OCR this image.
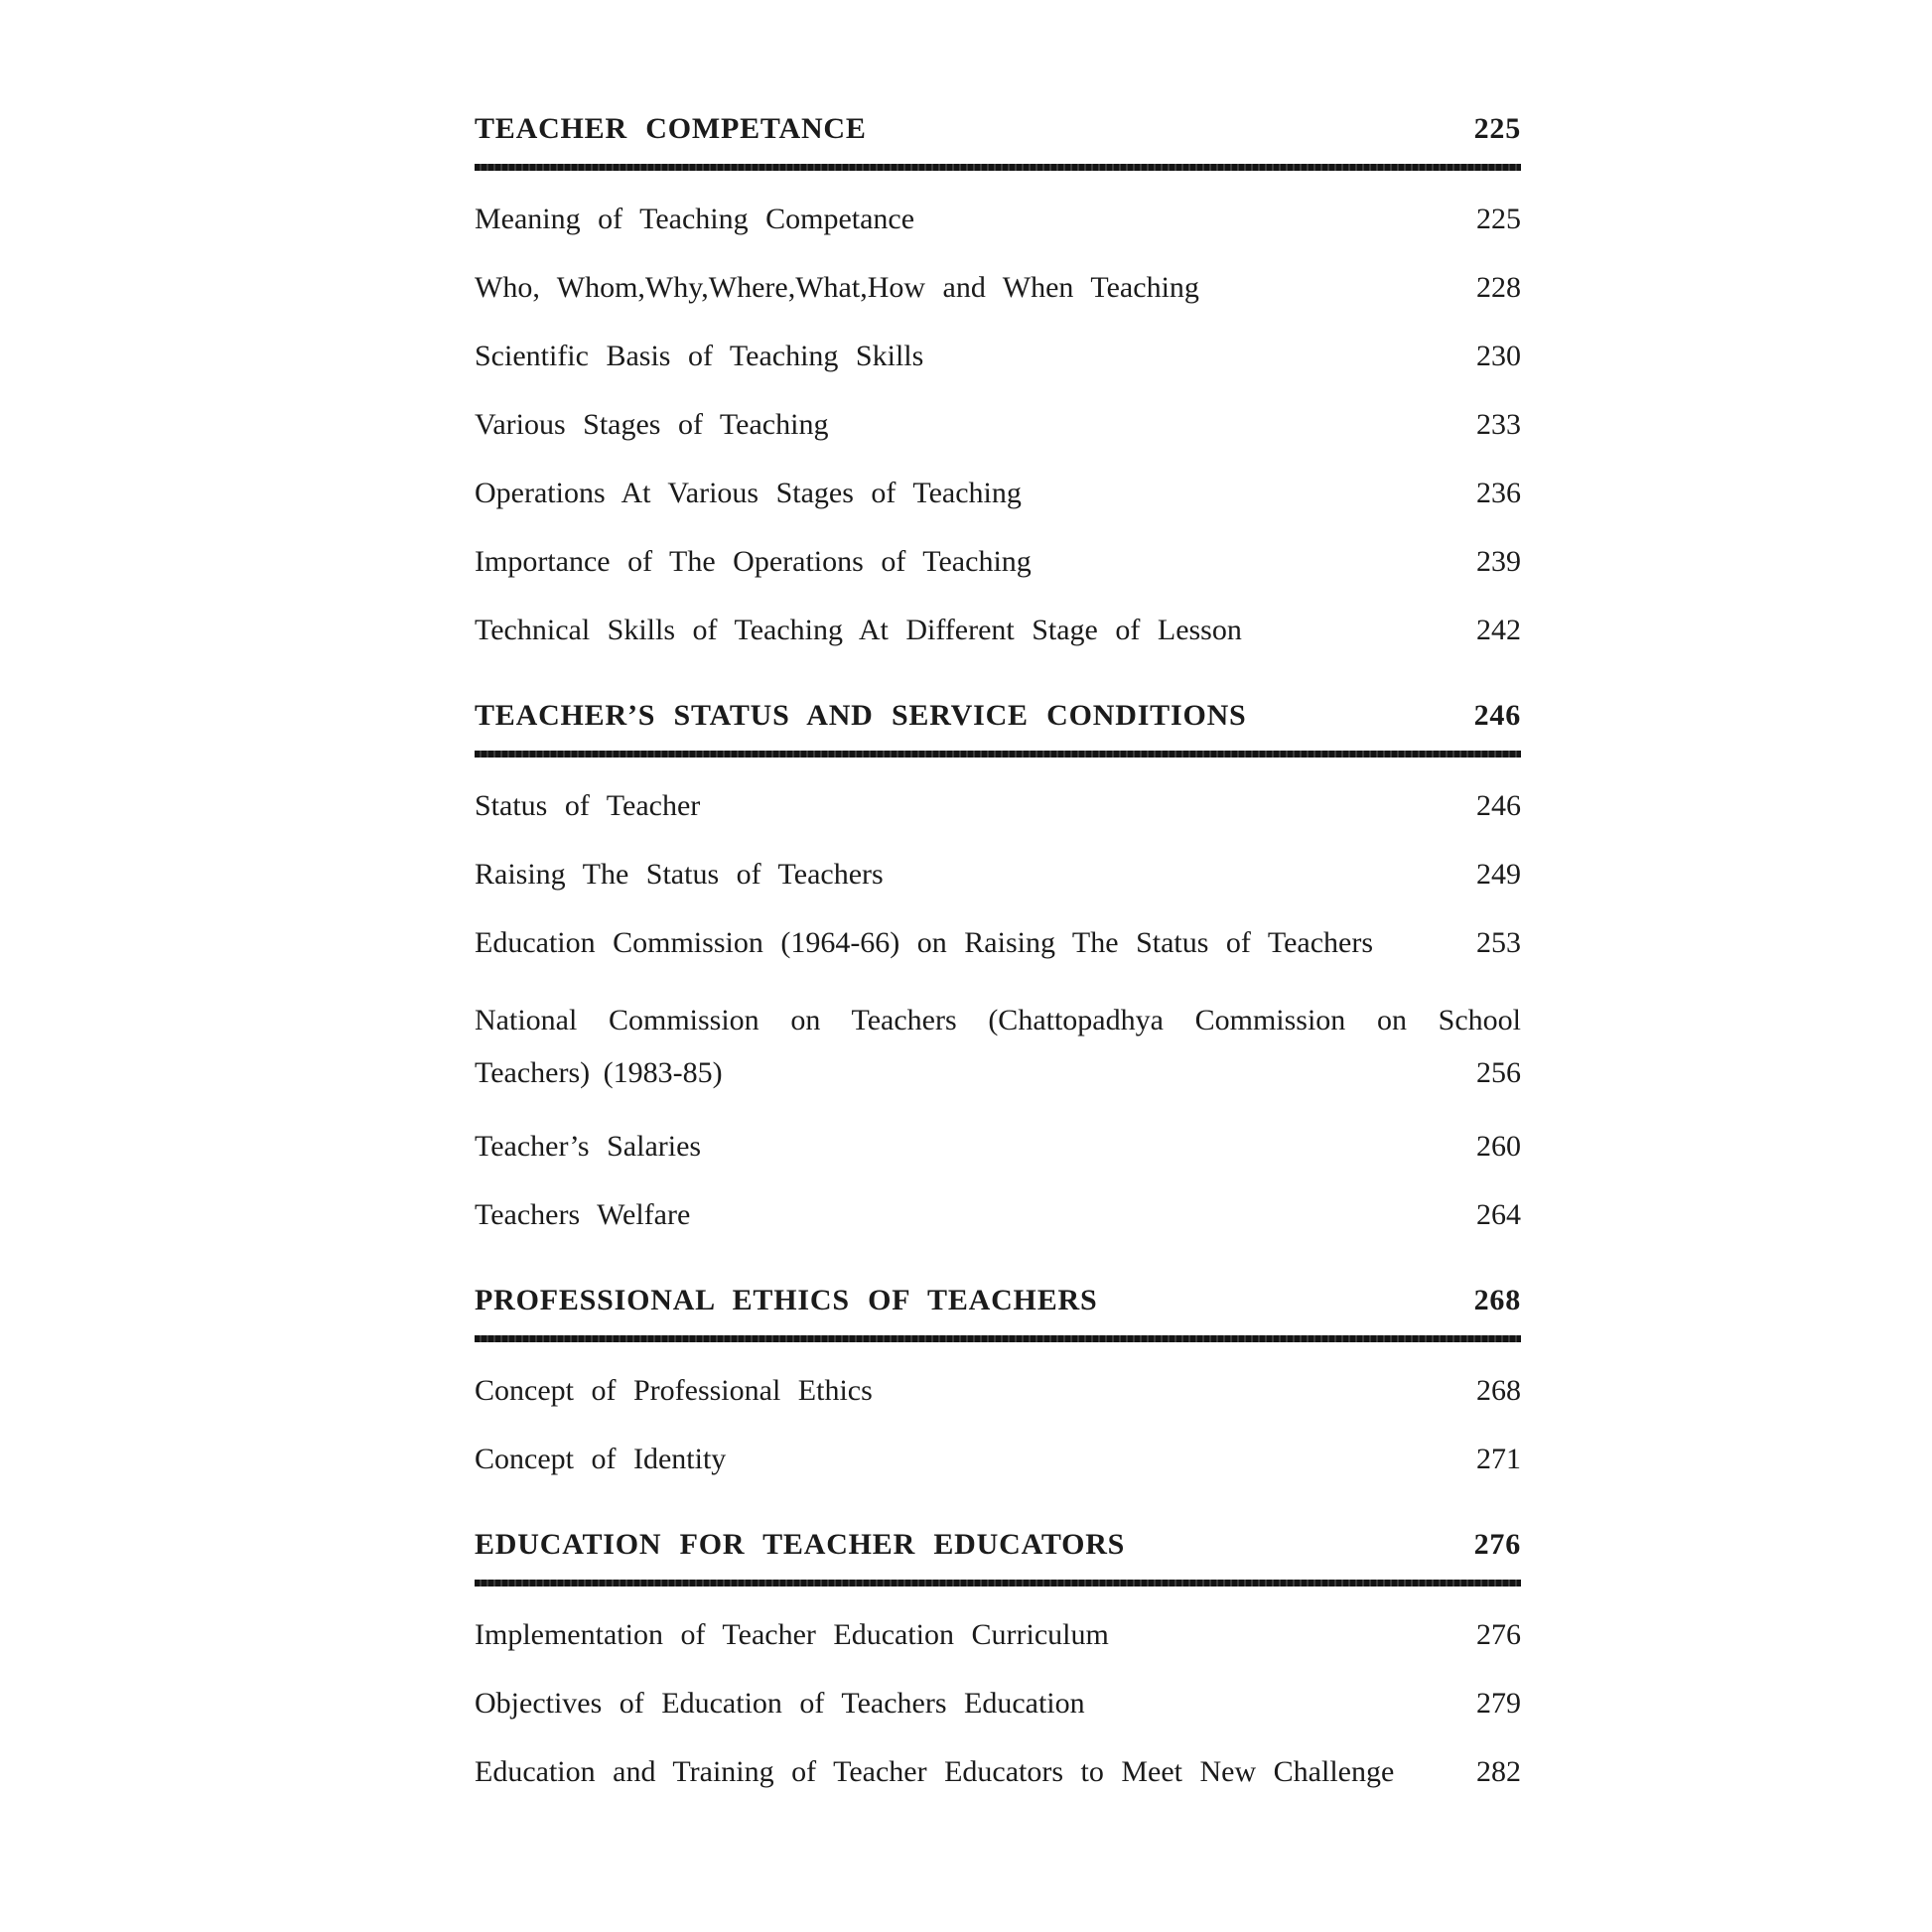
TEACHER COMPETANCE	225
Meaning of Teaching Competance	225
Who, Whom,Why,Where,What,How and When Teaching	228
Scientific Basis of Teaching Skills	230
Various Stages of Teaching	233
Operations At Various Stages of Teaching	236
Importance of The Operations of Teaching	239
Technical Skills of Teaching At Different Stage of Lesson	242
TEACHER’S STATUS AND SERVICE CONDITIONS	246
Status of Teacher	246
Raising The Status of Teachers	249
Education Commission (1964-66) on Raising The Status of Teachers	253
National Commission on Teachers (Chattopadhya Commission on School
Teachers) (1983-85)	256
Teacher’s Salaries	260
Teachers Welfare	264
PROFESSIONAL ETHICS OF TEACHERS	268
Concept of Professional Ethics	268
Concept of Identity	271
EDUCATION FOR TEACHER EDUCATORS	276
Implementation of Teacher Education Curriculum	276
Objectives of Education of Teachers Education	279
Education and Training of Teacher Educators to Meet New Challenge	282
